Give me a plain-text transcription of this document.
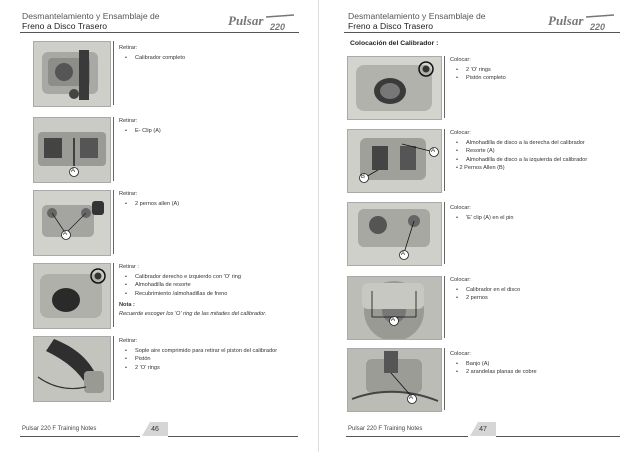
Desmantelamiento y Ensamblaje de
Freno a Disco Trasero	Pulsar 220
Retirar:
• Calibrador completo
A
Retirar:
• E- Clip (A)
A
Retirar:
• 2 pernos allen (A)
Retirar :
• Calibrador derecho e izquierdo con 'O' ring
• Almohadilla de resorte
• Recubrimiento /almohadillas de freno
Nota :
Recuerde escoger los 'O' ring de las mitades del calibrador.
Retirar:
• Sople aire comprimido para retirar el piston del calibrador
• Pistón
• 2 'O' rings
Pulsar 220 F Training Notes	46
Desmantelamiento y Ensamblaje de
Freno a Disco Trasero	Pulsar 220
Colocación del Calibrador :
Colocar:
• 2 'O' rings
• Pistón completo
A
B
Colocar:
• Almohadilla de disco a la derecha del calibrador
• Resorte (A)
• Almohadilla de disco a la izquierda del calibrador
• 2 Pernos Allen (B)
A
Colocar:
• 'E' clip (A) en el pin
A
Colocar:
• Calibrador en el disco
• 2 pernos
A
Colocar:
• Banjo (A)
• 2 arandelas planas de cobre
Pulsar 220 F Training Notes	47
